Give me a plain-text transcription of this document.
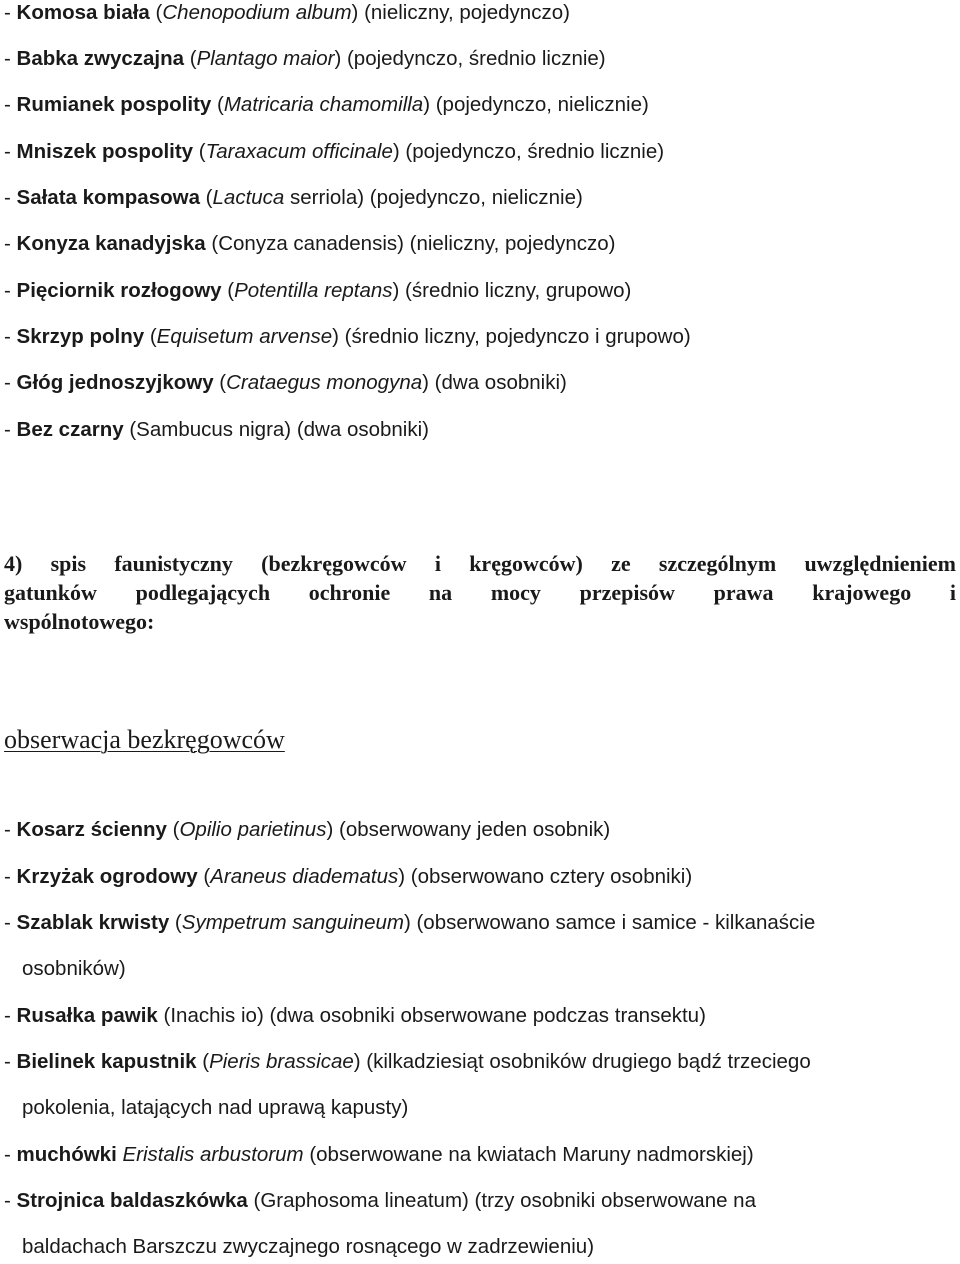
- Komosa biała (Chenopodium album) (nieliczny, pojedynczo)
- Babka zwyczajna (Plantago maior) (pojedynczo, średnio licznie)
- Rumianek pospolity (Matricaria chamomilla) (pojedynczo, nielicznie)
- Mniszek pospolity (Taraxacum officinale) (pojedynczo, średnio licznie)
- Sałata kompasowa (Lactuca serriola) (pojedynczo, nielicznie)
- Konyza kanadyjska (Conyza canadensis) (nieliczny, pojedynczo)
- Pięciornik rozłogowy (Potentilla reptans) (średnio liczny, grupowo)
- Skrzyp polny (Equisetum arvense) (średnio liczny, pojedynczo i grupowo)
- Głóg jednoszyjkowy (Crataegus monogyna) (dwa osobniki)
- Bez czarny (Sambucus nigra) (dwa osobniki)
4) spis faunistyczny (bezkręgowców i kręgowców) ze szczególnym uwzględnieniem
gatunków podlegających ochronie na mocy przepisów prawa krajowego i
wspólnotowego:
obserwacja bezkręgowców
- Kosarz ścienny (Opilio parietinus) (obserwowany jeden osobnik)
- Krzyżak ogrodowy (Araneus diadematus) (obserwowano cztery osobniki)
- Szablak krwisty (Sympetrum sanguineum) (obserwowano samce i samice - kilkanaście
osobników)
- Rusałka pawik (Inachis io) (dwa osobniki obserwowane podczas transektu)
- Bielinek kapustnik (Pieris brassicae) (kilkadziesiąt osobników drugiego bądź trzeciego
pokolenia, latających nad uprawą kapusty)
- muchówki Eristalis arbustorum (obserwowane na kwiatach Maruny nadmorskiej)
- Strojnica baldaszkówka (Graphosoma lineatum) (trzy osobniki obserwowane na
baldachach Barszczu zwyczajnego rosnącego w zadrzewieniu)
